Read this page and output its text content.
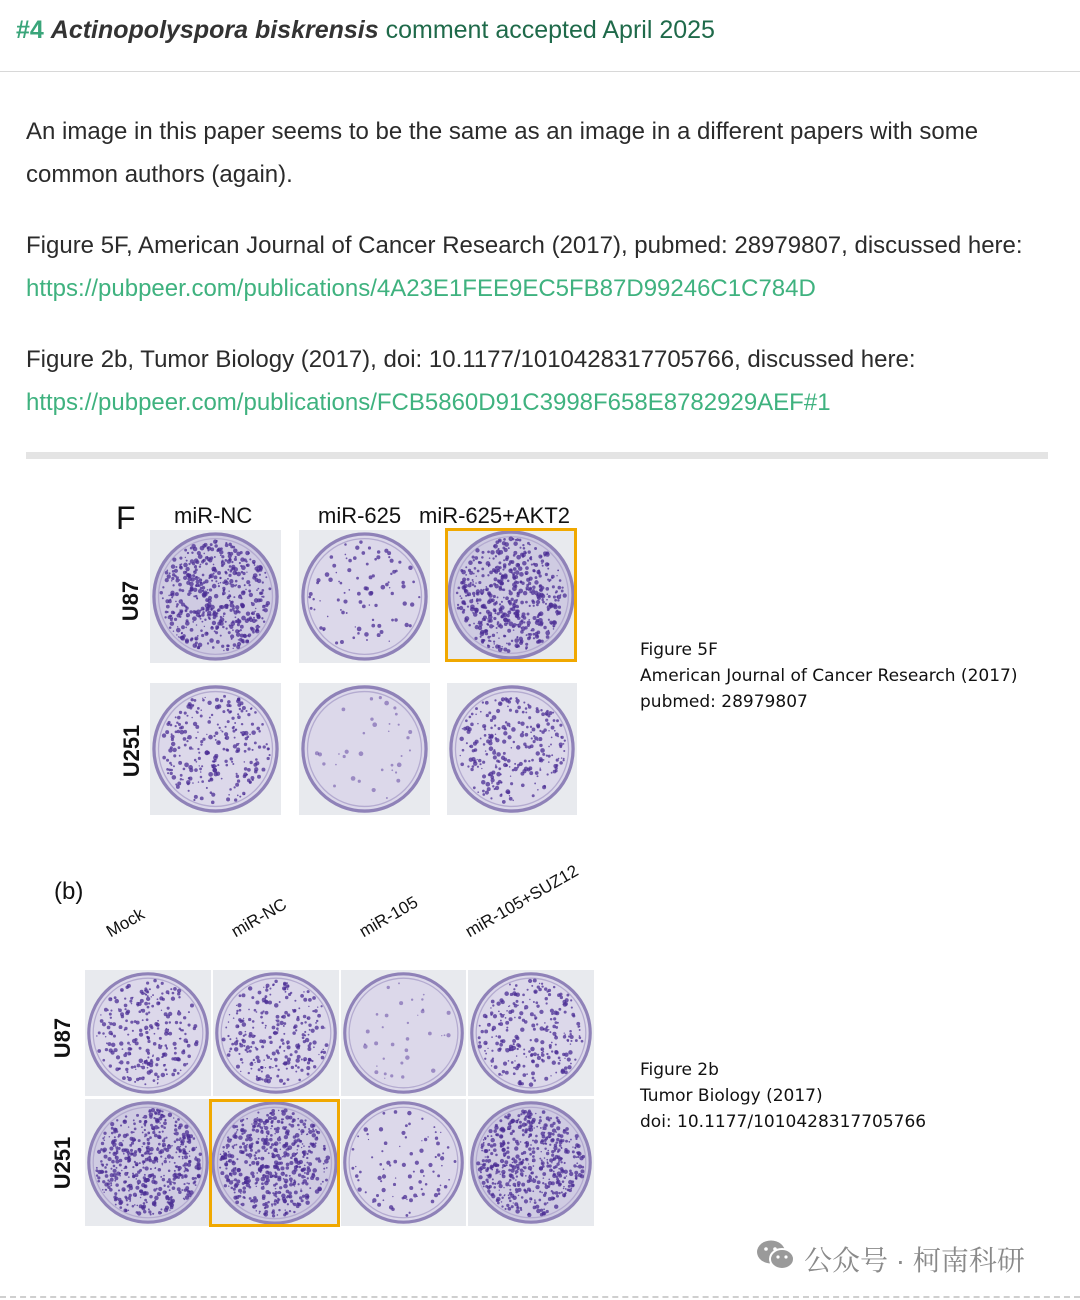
#4 Actinopolyspora biskrensis comment accepted April 2025
An image in this paper seems to be the same as an image in a different papers with some common authors (again).
Figure 5F, American Journal of Cancer Research (2017), pubmed: 28979807, discussed here:
https://pubpeer.com/publications/4A23E1FEE9EC5FB87D99246C1C784D
Figure 2b, Tumor Biology (2017), doi: 10.1177/1010428317705766, discussed here:
https://pubpeer.com/publications/FCB5860D91C3998F658E8782929AEF#1
F miR-NC	miR-625 miR-625+AKT2
U87
U251
Figure 5F
American Journal of Cancer Research (2017)
pubmed: 28979807
(b)
Mock	miR-NC	miR-105 miR-105+SUZ12
U87
U251
Figure 2b
Tumor Biology (2017)
doi: 10.1177/1010428317705766
公众号 · 柯南科研
